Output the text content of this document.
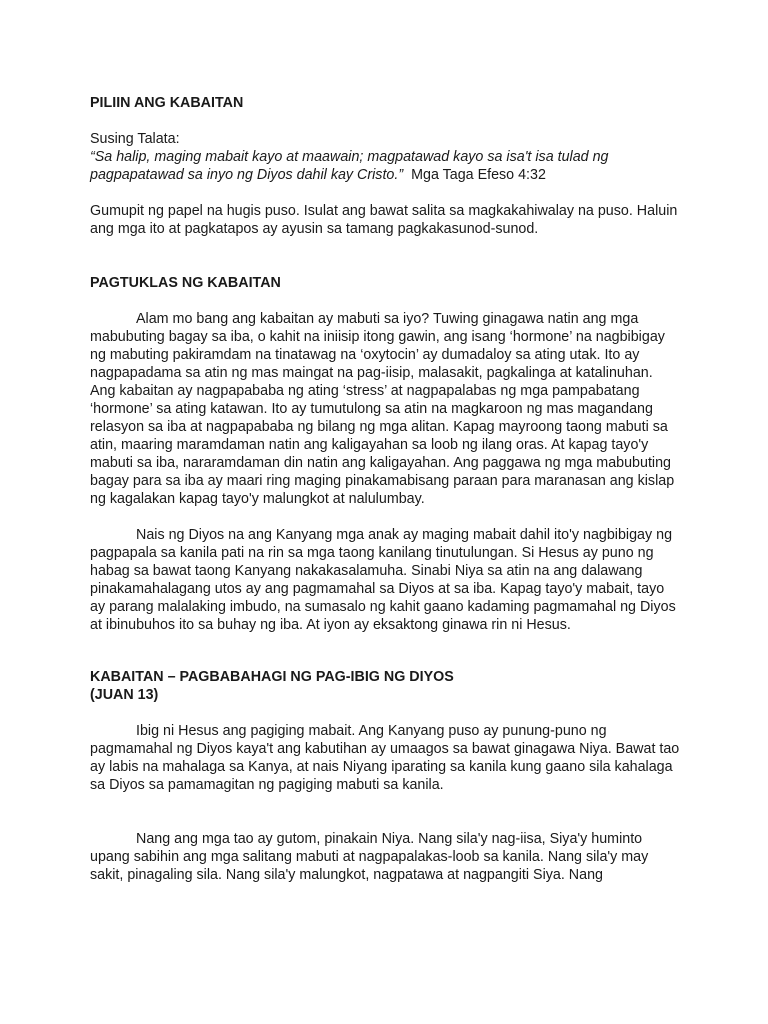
PILIIN ANG KABAITAN

Susing Talata:

“Sa halip, maging mabait kayo at maawain; magpatawad kayo sa isa't isa tulad ng pagpapatawad sa inyo ng Diyos dahil kay Cristo.” Mga Taga Efeso 4:32

Gumupit ng papel na hugis puso. Isulat ang bawat salita sa magkakahiwalay na puso. Haluin ang mga ito at pagkatapos ay ayusin sa tamang pagkakasunod-sunod.

PAGTUKLAS NG KABAITAN

Alam mo bang ang kabaitan ay mabuti sa iyo? Tuwing ginagawa natin ang mga mabubuting bagay sa iba, o kahit na iniisip itong gawin, ang isang ‘hormone’ na nagbibigay ng mabuting pakiramdam na tinatawag na ‘oxytocin’ ay dumadaloy sa ating utak. Ito ay nagpapadama sa atin ng mas maingat na pag-iisip, malasakit, pagkalinga at katalinuhan. Ang kabaitan ay nagpapababa ng ating ‘stress’ at nagpapalabas ng mga pampabatang ‘hormone’ sa ating katawan. Ito ay tumutulong sa atin na magkaroon ng mas magandang relasyon sa iba at nagpapababa ng bilang ng mga alitan. Kapag mayroong taong mabuti sa atin, maaring maramdaman natin ang kaligayahan sa loob ng ilang oras. At kapag tayo'y mabuti sa iba, nararamdaman din natin ang kaligayahan. Ang paggawa ng mga mabubuting bagay para sa iba ay maari ring maging pinakamabisang paraan para maranasan ang kislap ng kagalakan kapag tayo'y malungkot at nalulumbay.

Nais ng Diyos na ang Kanyang mga anak ay maging mabait dahil ito'y nagbibigay ng pagpapala sa kanila pati na rin sa mga taong kanilang tinutulungan. Si Hesus ay puno ng habag sa bawat taong Kanyang nakakasalamuha. Sinabi Niya sa atin na ang dalawang pinakamahalagang utos ay ang pagmamahal sa Diyos at sa iba. Kapag tayo'y mabait, tayo ay parang malalaking imbudo, na sumasalo ng kahit gaano kadaming pagmamahal ng Diyos at ibinubuhos ito sa buhay ng iba. At iyon ay eksaktong ginawa rin ni Hesus.

KABAITAN – PAGBABAHAGI NG PAG-IBIG NG DIYOS

(JUAN 13)

Ibig ni Hesus ang pagiging mabait. Ang Kanyang puso ay punung-puno ng pagmamahal ng Diyos kaya't ang kabutihan ay umaagos sa bawat ginagawa Niya. Bawat tao ay labis na mahalaga sa Kanya, at nais Niyang iparating sa kanila kung gaano sila kahalaga sa Diyos sa pamamagitan ng pagiging mabuti sa kanila.

Nang ang mga tao ay gutom, pinakain Niya. Nang sila'y nag-iisa, Siya'y huminto upang sabihin ang mga salitang mabuti at nagpapalakas-loob sa kanila. Nang sila'y may sakit, pinagaling sila. Nang sila'y malungkot, nagpatawa at nagpangiti Siya. Nang
